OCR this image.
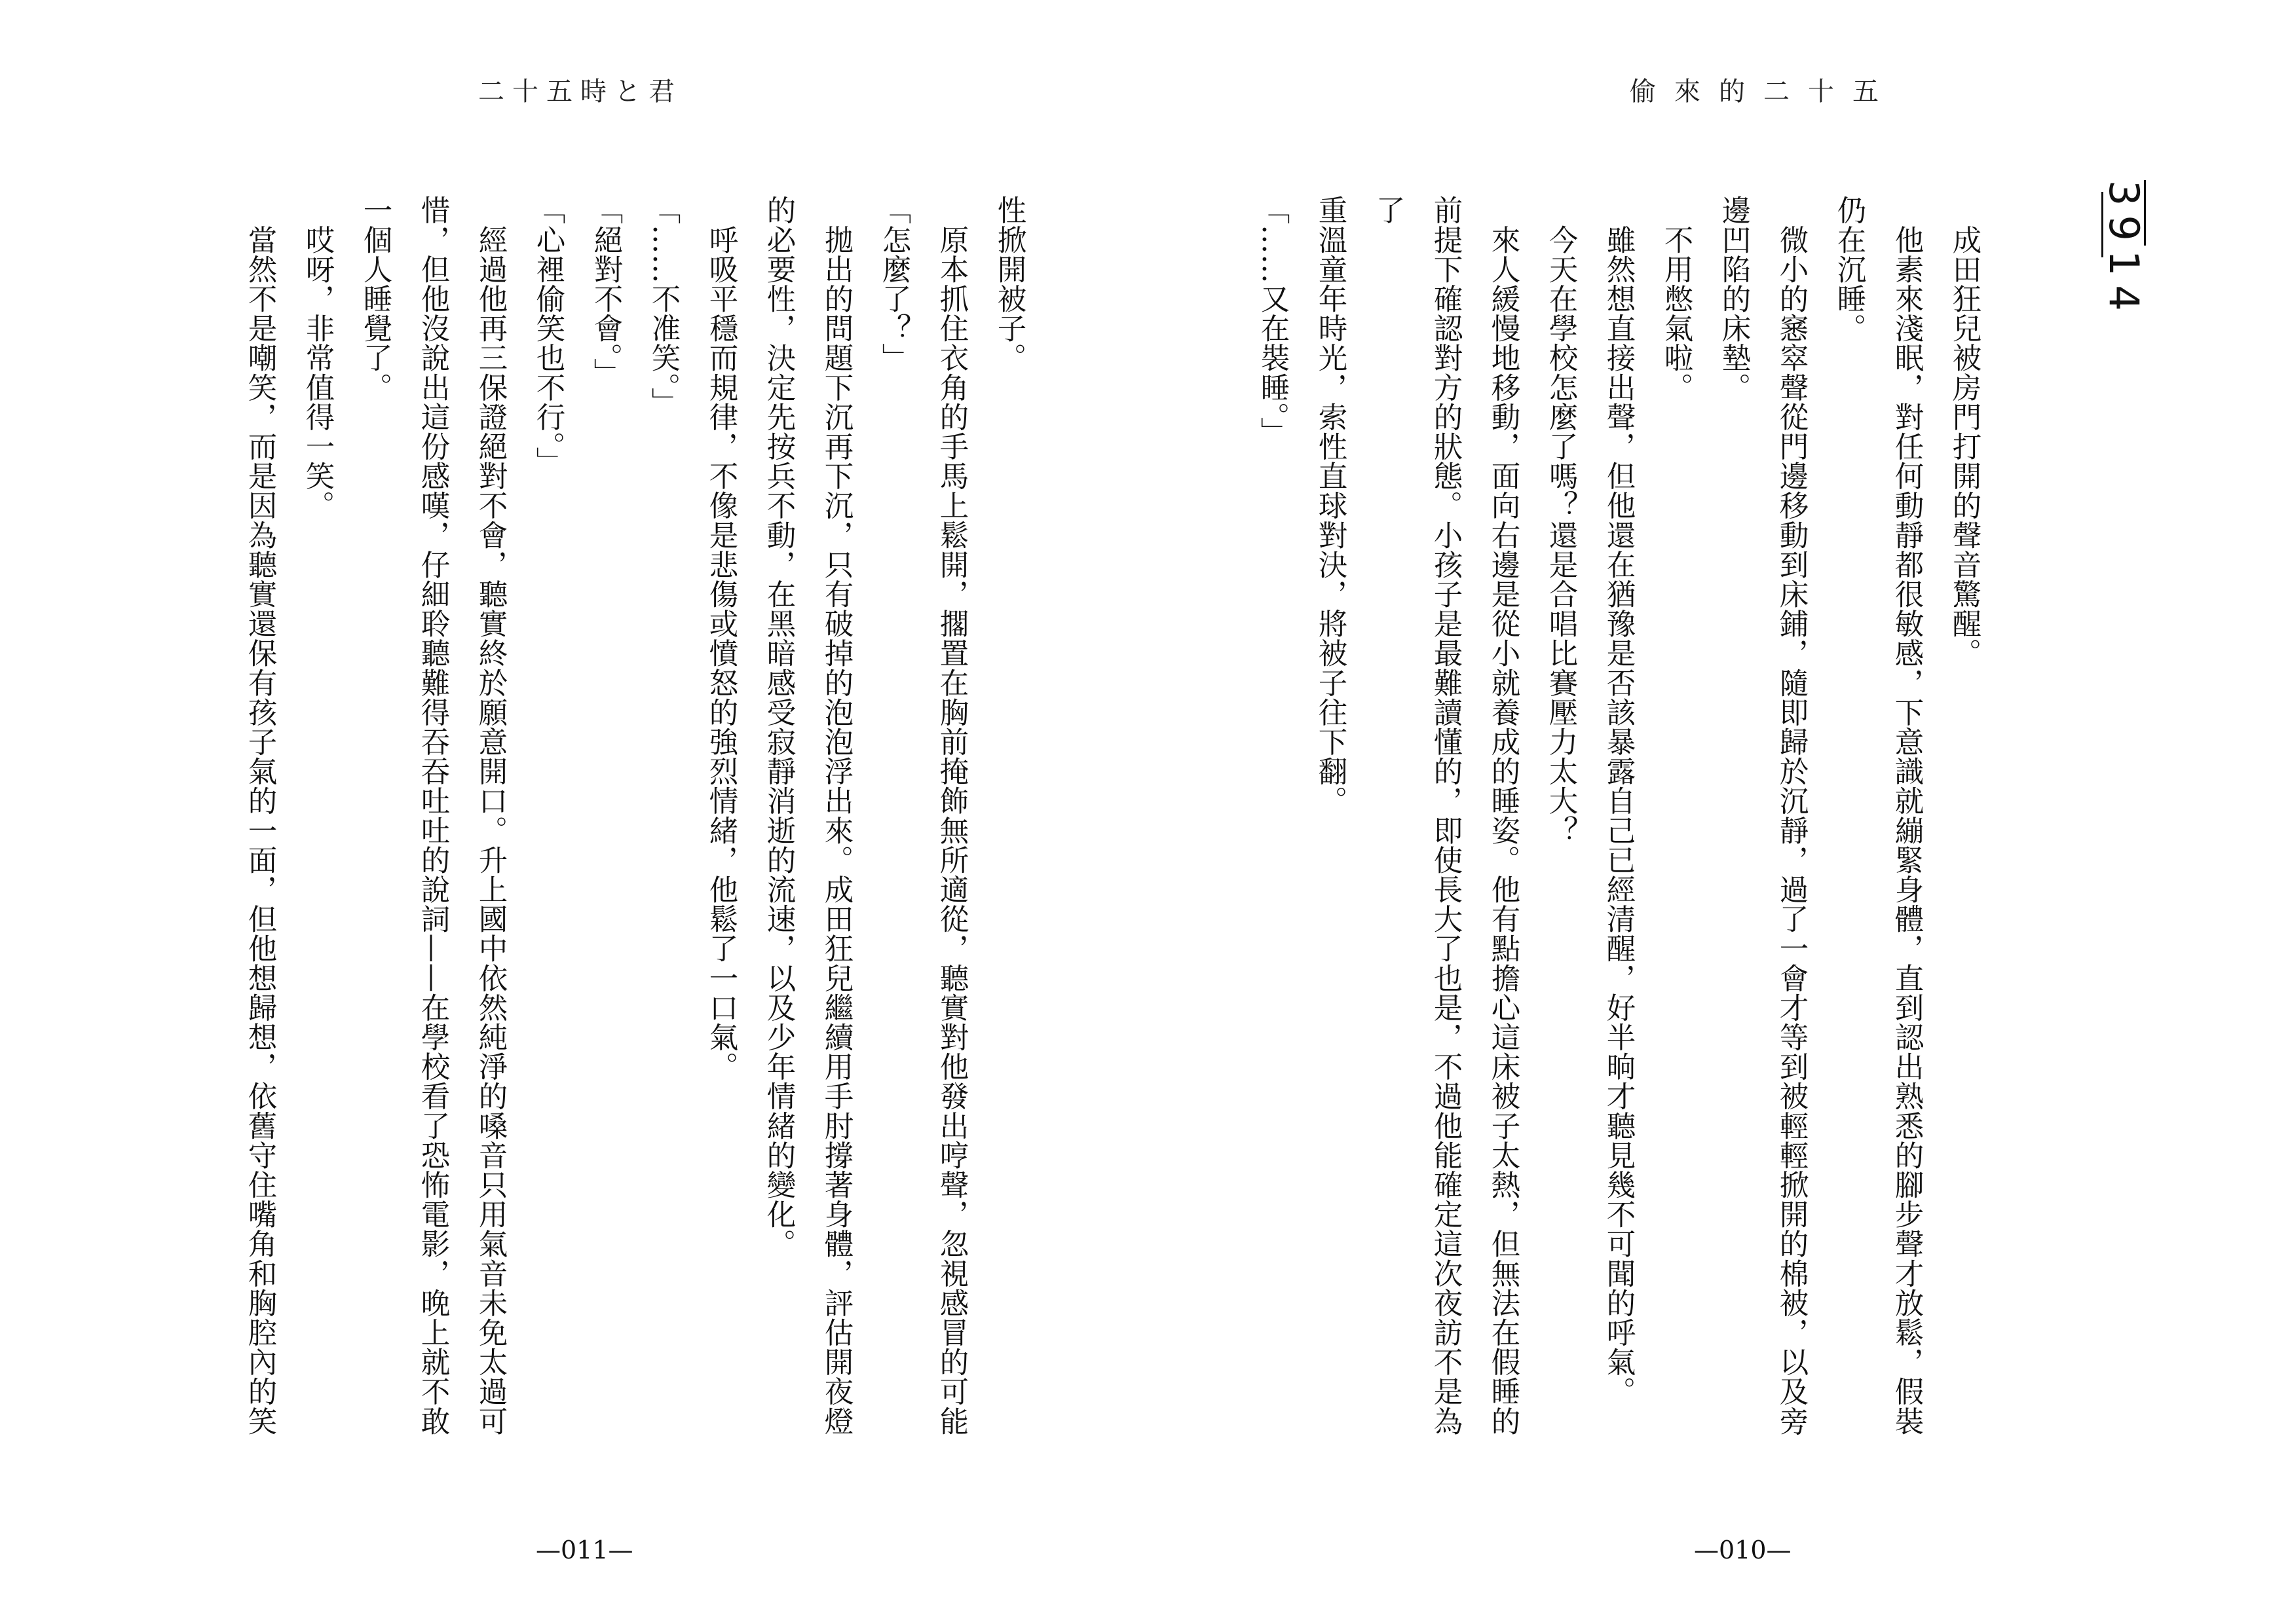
二十五時と君

性掀開被子。

　原本抓住衣角的手馬上鬆開，擱置在胸前掩飾無所適從，聽實對他發出哼聲，忽視感冒的可能

「怎麼了？」

　拋出的問題下沉再下沉，只有破掉的泡泡浮出來。成田狂兒繼續用手肘撐著身體，評估開夜燈

的必要性，決定先按兵不動，在黑暗感受寂靜消逝的流速，以及少年情緒的變化。

　呼吸平穩而規律，不像是悲傷或憤怒的強烈情緒，他鬆了一口氣。

「……不准笑。」

「絕對不會。」

「心裡偷笑也不行。」

　經過他再三保證絕對不會，聽實終於願意開口。升上國中依然純淨的嗓音只用氣音未免太過可

惜，但他沒說出這份感嘆，仔細聆聽難得吞吞吐吐的說詞——在學校看了恐怖電影，晚上就不敢

一個人睡覺了。

　哎呀，非常值得一笑。

　當然不是嘲笑，而是因為聽實還保有孩子氣的一面，但他想歸想，依舊守住嘴角和胸腔內的笑

—011—
偷來的二十五
3914

　成田狂兒被房門打開的聲音驚醒。

　他素來淺眠，對任何動靜都很敏感，下意識就繃緊身體，直到認出熟悉的腳步聲才放鬆，假裝

仍在沉睡。

　微小的窸窣聲從門邊移動到床鋪，隨即歸於沉靜，過了一會才等到被輕輕掀開的棉被，以及旁

邊凹陷的床墊。

　不用憋氣啦。

　雖然想直接出聲，但他還在猶豫是否該暴露自己已經清醒，好半晌才聽見幾不可聞的呼氣。

　今天在學校怎麼了嗎？還是合唱比賽壓力太大？

　來人緩慢地移動，面向右邊是從小就養成的睡姿。他有點擔心這床被子太熱，但無法在假睡的

前提下確認對方的狀態。小孩子是最難讀懂的，即使長大了也是，不過他能確定這次夜訪不是為了

重溫童年時光，索性直球對決，將被子往下翻。

「……又在裝睡。」

—010—
